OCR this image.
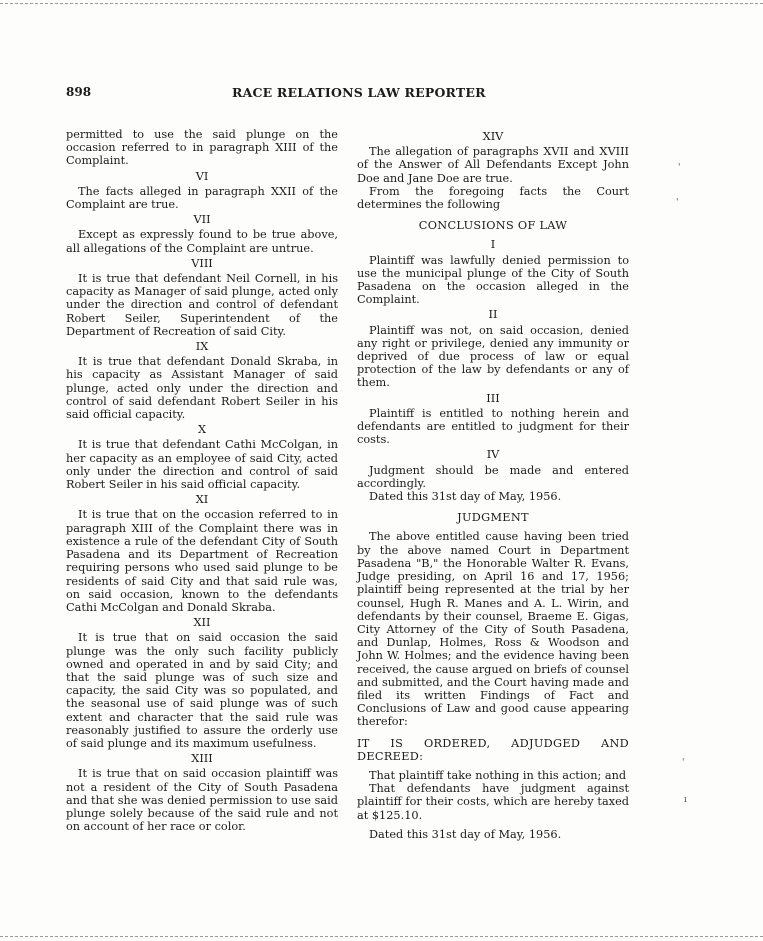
898	RACE RELATIONS LAW REPORTER

permitted to use the said plunge on the occasion referred to in paragraph XIII of the Complaint.

VI

The facts alleged in paragraph XXII of the Complaint are true.

VII

Except as expressly found to be true above, all allegations of the Complaint are untrue.

VIII

It is true that defendant Neil Cornell, in his capacity as Manager of said plunge, acted only under the direction and control of defendant Robert Seiler, Superintendent of the Department of Recreation of said City.

IX

It is true that defendant Donald Skraba, in his capacity as Assistant Manager of said plunge, acted only under the direction and control of said defendant Robert Seiler in his said official capacity.

X

It is true that defendant Cathi McColgan, in her capacity as an employee of said City, acted only under the direction and control of said Robert Seiler in his said official capacity.

XI

It is true that on the occasion referred to in paragraph XIII of the Complaint there was in existence a rule of the defendant City of South Pasadena and its Department of Recreation requiring persons who used said plunge to be residents of said City and that said rule was, on said occasion, known to the defendants Cathi McColgan and Donald Skraba.

XII

It is true that on said occasion the said plunge was the only such facility publicly owned and operated in and by said City; and that the said plunge was of such size and capacity, the said City was so populated, and the seasonal use of said plunge was of such extent and character that the said rule was reasonably justified to assure the orderly use of said plunge and its maximum usefulness.

XIII

It is true that on said occasion plaintiff was not a resident of the City of South Pasadena and that she was denied permission to use said plunge solely because of the said rule and not on account of her race or color.

XIV

The allegation of paragraphs XVII and XVIII of the Answer of All Defendants Except John Doe and Jane Doe are true.

From the foregoing facts the Court determines the following

CONCLUSIONS OF LAW
I

Plaintiff was lawfully denied permission to use the municipal plunge of the City of South Pasadena on the occasion alleged in the Complaint.

II

Plaintiff was not, on said occasion, denied any right or privilege, denied any immunity or deprived of due process of law or equal protection of the law by defendants or any of them.

III

Plaintiff is entitled to nothing herein and defendants are entitled to judgment for their costs.

IV

Judgment should be made and entered accordingly.

Dated this 31st day of May, 1956.

JUDGMENT

The above entitled cause having been tried by the above named Court in Department Pasadena "B," the Honorable Walter R. Evans, Judge presiding, on April 16 and 17, 1956; plaintiff being represented at the trial by her counsel, Hugh R. Manes and A. L. Wirin, and defendants by their counsel, Braeme E. Gigas, City Attorney of the City of South Pasadena, and Dunlap, Holmes, Ross & Woodson and John W. Holmes; and the evidence having been received, the cause argued on briefs of counsel and submitted, and the Court having made and filed its written Findings of Fact and Conclusions of Law and good cause appearing therefor:

IT IS ORDERED, ADJUDGED AND DECREED:

That plaintiff take nothing in this action; and

That defendants have judgment against plaintiff for their costs, which are hereby taxed at $125.10.

Dated this 31st day of May, 1956.

'
'
'
ı
